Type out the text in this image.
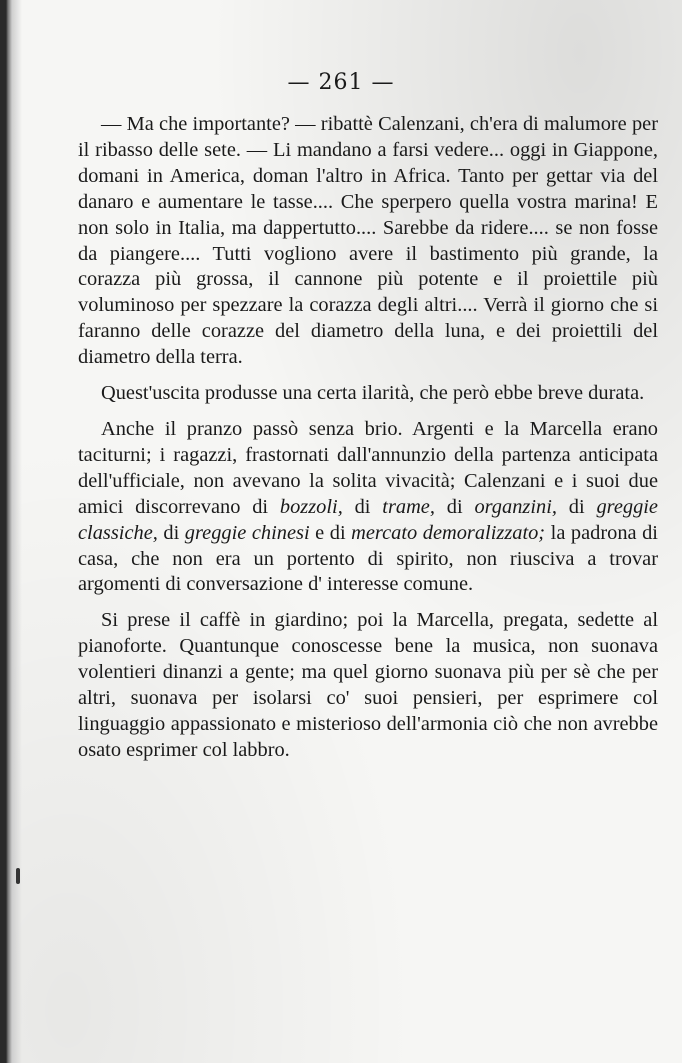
— 261 —

— Ma che importante? — ribattè Calenzani, ch'era di malumore per il ribasso delle sete. — Li mandano a farsi vedere... oggi in Giappone, domani in America, doman l'altro in Africa. Tanto per gettar via del danaro e aumentare le tasse.... Che sperpero quella vostra marina! E non solo in Italia, ma dappertutto.... Sarebbe da ridere.... se non fosse da piangere.... Tutti vogliono avere il bastimento più grande, la corazza più grossa, il cannone più potente e il proiettile più voluminoso per spezzare la corazza degli altri.... Verrà il giorno che si faranno delle corazze del diametro della luna, e dei proiettili del diametro della terra.

Quest'uscita produsse una certa ilarità, che però ebbe breve durata.

Anche il pranzo passò senza brio. Argenti e la Marcella erano taciturni; i ragazzi, frastornati dall'annunzio della partenza anticipata dell'ufficiale, non avevano la solita vivacità; Calenzani e i suoi due amici discorrevano di bozzoli, di trame, di organzini, di greggie classiche, di greggie chinesi e di mercato demoralizzato; la padrona di casa, che non era un portento di spirito, non riusciva a trovar argomenti di conversazione d' interesse comune.

Si prese il caffè in giardino; poi la Marcella, pregata, sedette al pianoforte. Quantunque conoscesse bene la musica, non suonava volentieri dinanzi a gente; ma quel giorno suonava più per sè che per altri, suonava per isolarsi co' suoi pensieri, per esprimere col linguaggio appassionato e misterioso dell'armonia ciò che non avrebbe osato esprimer col labbro.
